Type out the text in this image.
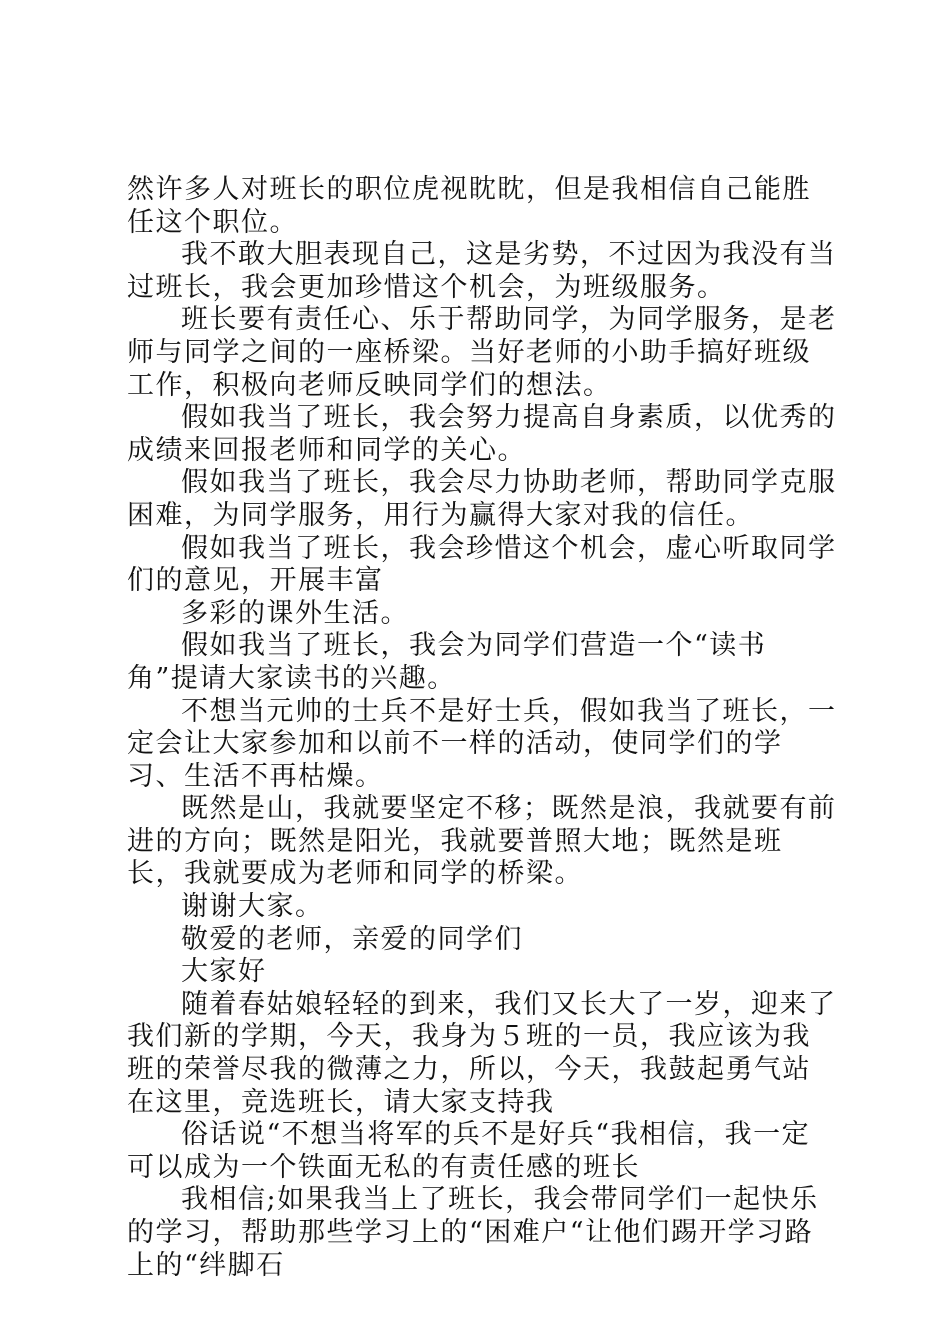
然许多人对班长的职位虎视眈眈，但是我相信自己能胜任这个职位。

我不敢大胆表现自己，这是劣势，不过因为我没有当过班长，我会更加珍惜这个机会，为班级服务。

班长要有责任心、乐于帮助同学，为同学服务，是老师与同学之间的一座桥梁。当好老师的小助手搞好班级工作，积极向老师反映同学们的想法。

假如我当了班长，我会努力提高自身素质，以优秀的成绩来回报老师和同学的关心。

假如我当了班长，我会尽力协助老师，帮助同学克服困难，为同学服务，用行为赢得大家对我的信任。

假如我当了班长，我会珍惜这个机会，虚心听取同学们的意见，开展丰富

多彩的课外生活。

假如我当了班长，我会为同学们营造一个“读书角”提请大家读书的兴趣。

不想当元帅的士兵不是好士兵，假如我当了班长，一定会让大家参加和以前不一样的活动，使同学们的学习、生活不再枯燥。

既然是山，我就要坚定不移；既然是浪，我就要有前进的方向；既然是阳光，我就要普照大地；既然是班长，我就要成为老师和同学的桥梁。

谢谢大家。

敬爱的老师，亲爱的同学们

大家好

随着春姑娘轻轻的到来，我们又长大了一岁，迎来了我们新的学期，今天，我身为５班的一员，我应该为我班的荣誉尽我的微薄之力，所以，今天，我鼓起勇气站在这里，竞选班长，请大家支持我

俗话说“不想当将军的兵不是好兵“我相信，我一定可以成为一个铁面无私的有责任感的班长

我相信;如果我当上了班长，我会带同学们一起快乐的学习，帮助那些学习上的“困难户“让他们踢开学习路上的“绊脚石
